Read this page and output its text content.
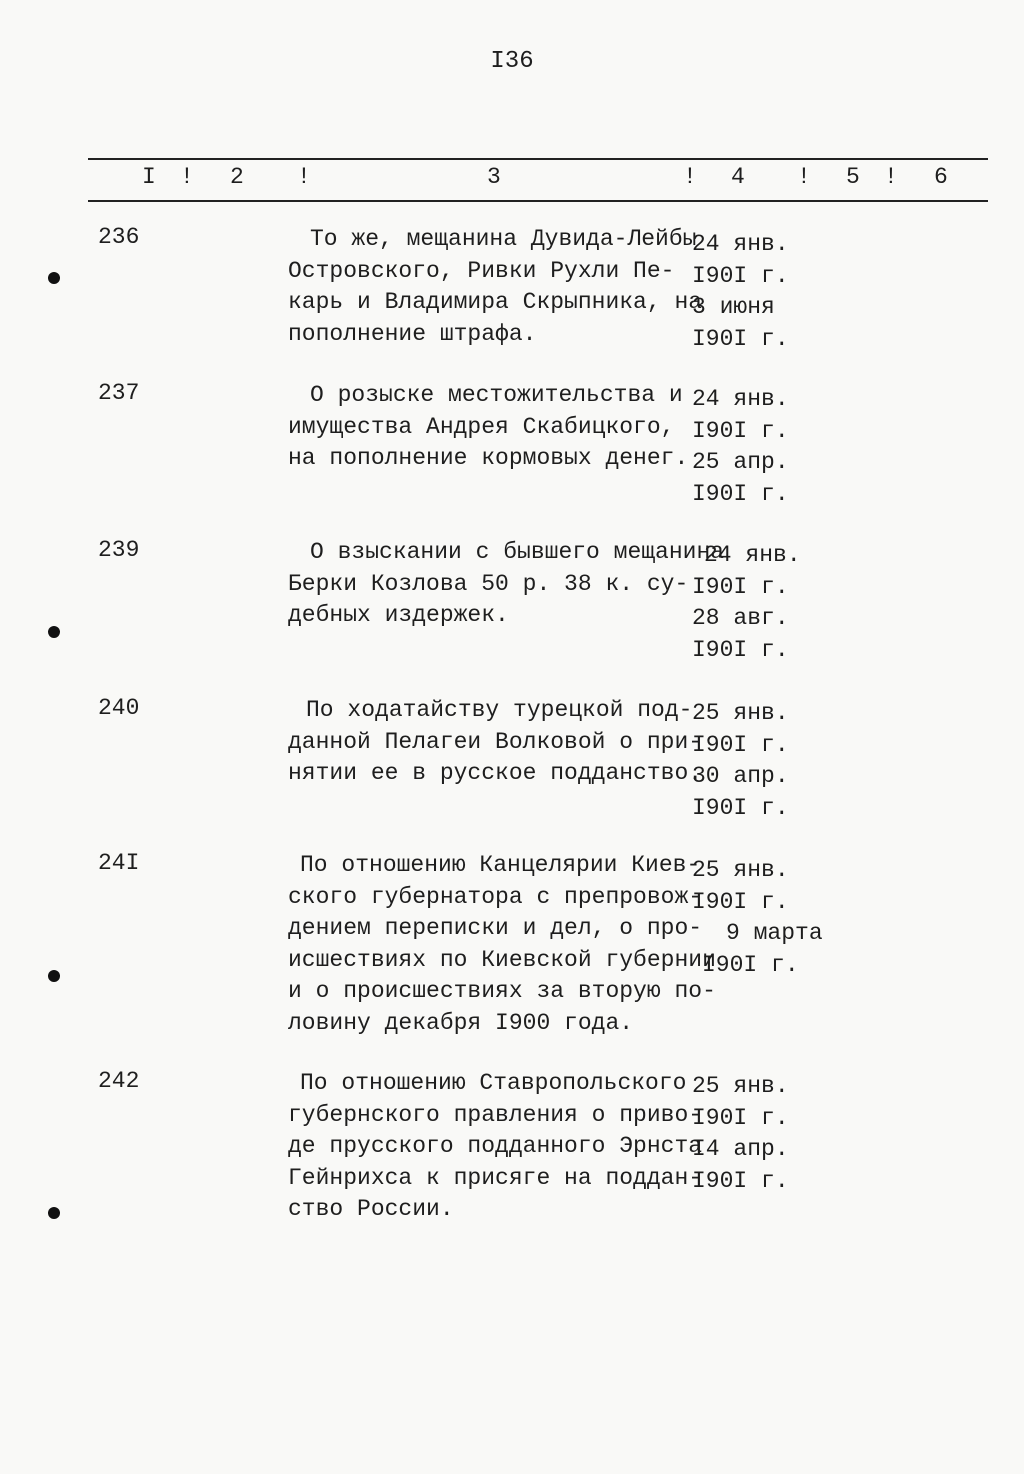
I36
I ! 2 !	3	! 4 ! 5 ! 6
236	То же, мещанина Дувида-Лейбы
Островского, Ривки Рухли Пе-
карь и Владимира Скрыпника, на
пополнение штрафа.
24 янв.
I90I г.
3 июня
I90I г.
237	О розыске местожительства и
имущества Андрея Скабицкого,
на пополнение кормовых денег.
24 янв.
I90I г.
25 апр.
I90I г.
239	О взыскании с бывшего мещанина
Берки Козлова 50 р. 38 к. су-
дебных издержек.
24 янв.
I90I г.
28 авг.
I90I г.
240	По ходатайству турецкой под-
данной Пелагеи Волковой о при-
нятии ее в русское подданство.
25 янв.
I90I г.
30 апр.
I90I г.
24I	По отношению Канцелярии Киев-
ского губернатора с препровож-
дением переписки и дел, о про-
исшествиях по Киевской губернии
и о происшествиях за вторую по-
ловину декабря I900 года.
25 янв.
I90I г.
9 марта
I90I г.
242	По отношению Ставропольского
губернского правления о приво-
де прусского подданного Эрнста
Гейнрихса к присяге на поддан-
ство России.
25 янв.
I90I г.
I4 апр.
I90I г.
